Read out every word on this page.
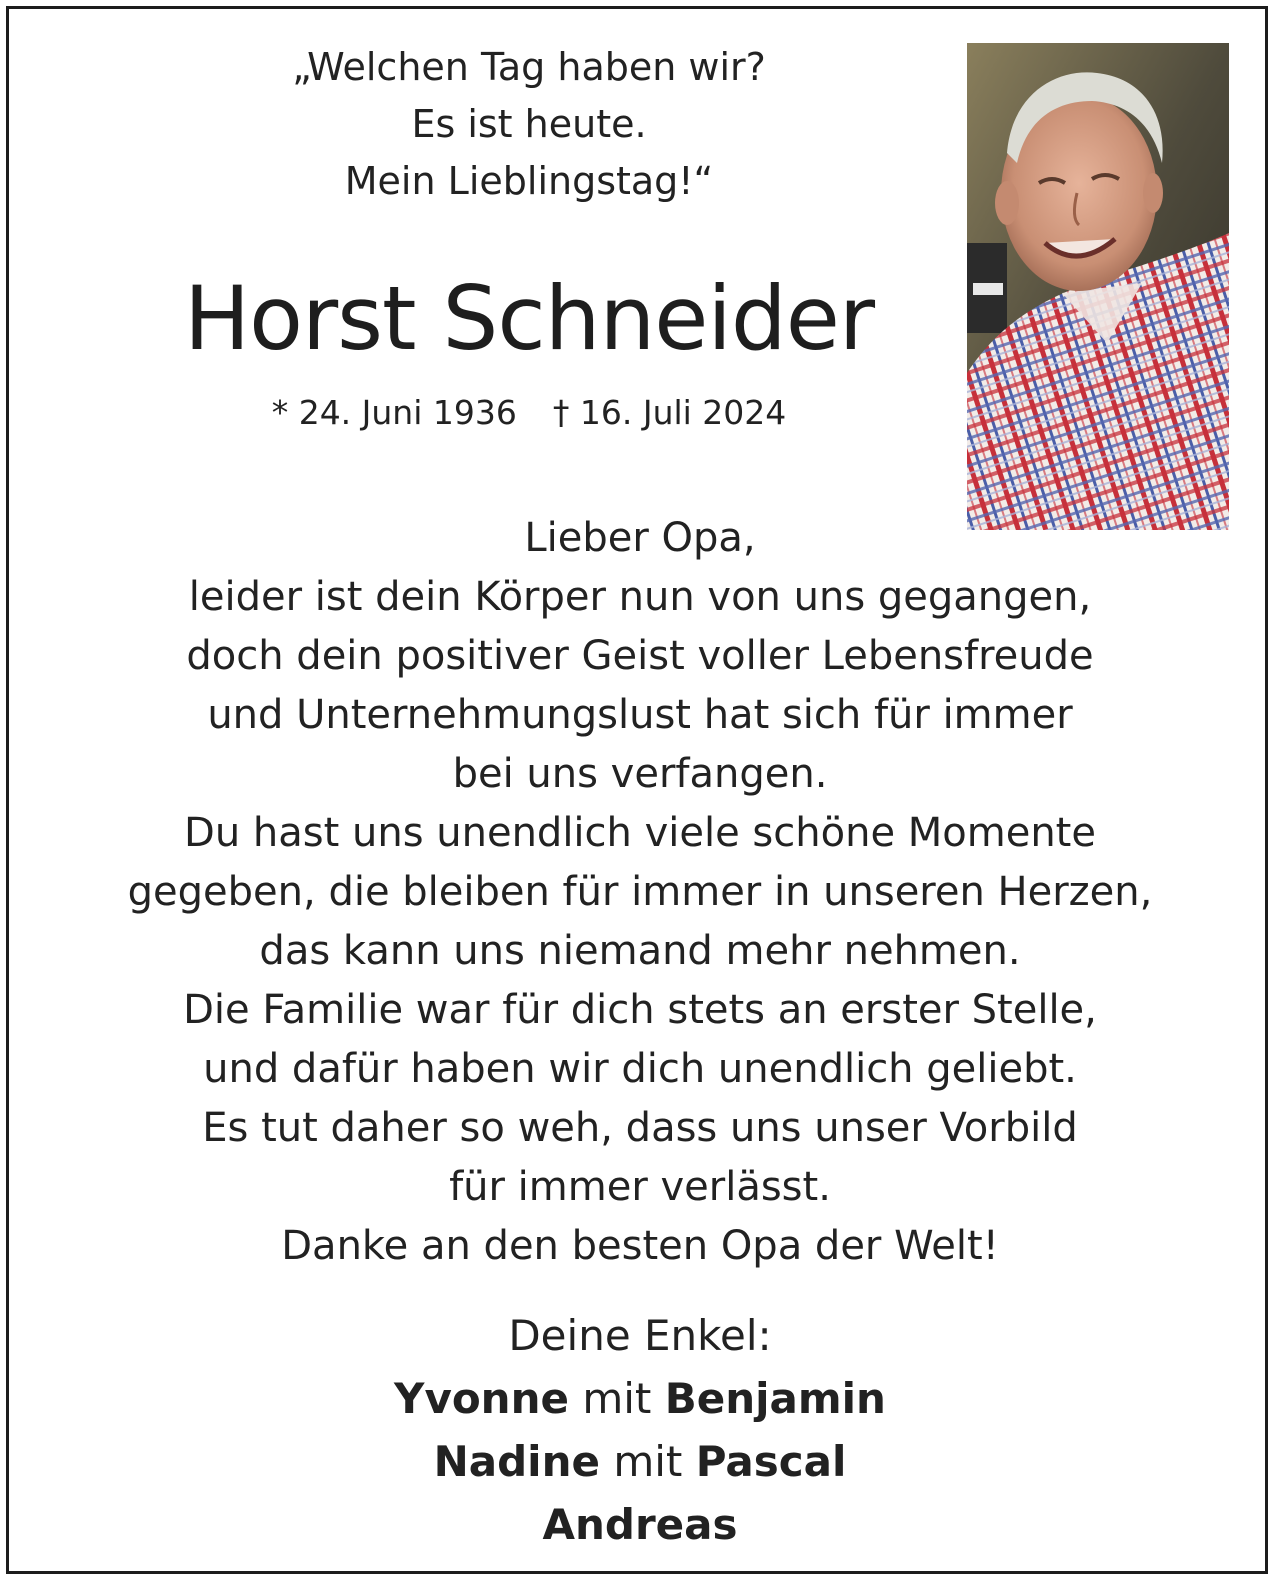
„Welchen Tag haben wir?
Es ist heute.
Mein Lieblingstag!“
Horst Schneider
* 24. Juni 1936 † 16. Juli 2024
Lieber Opa,
leider ist dein Körper nun von uns gegangen,
doch dein positiver Geist voller Lebensfreude
und Unternehmungslust hat sich für immer
bei uns verfangen.
Du hast uns unendlich viele schöne Momente
gegeben, die bleiben für immer in unseren Herzen,
das kann uns niemand mehr nehmen.
Die Familie war für dich stets an erster Stelle,
und dafür haben wir dich unendlich geliebt.
Es tut daher so weh, dass uns unser Vorbild
für immer verlässt.
Danke an den besten Opa der Welt!
Deine Enkel:
Yvonne mit Benjamin
Nadine mit Pascal
Andreas
